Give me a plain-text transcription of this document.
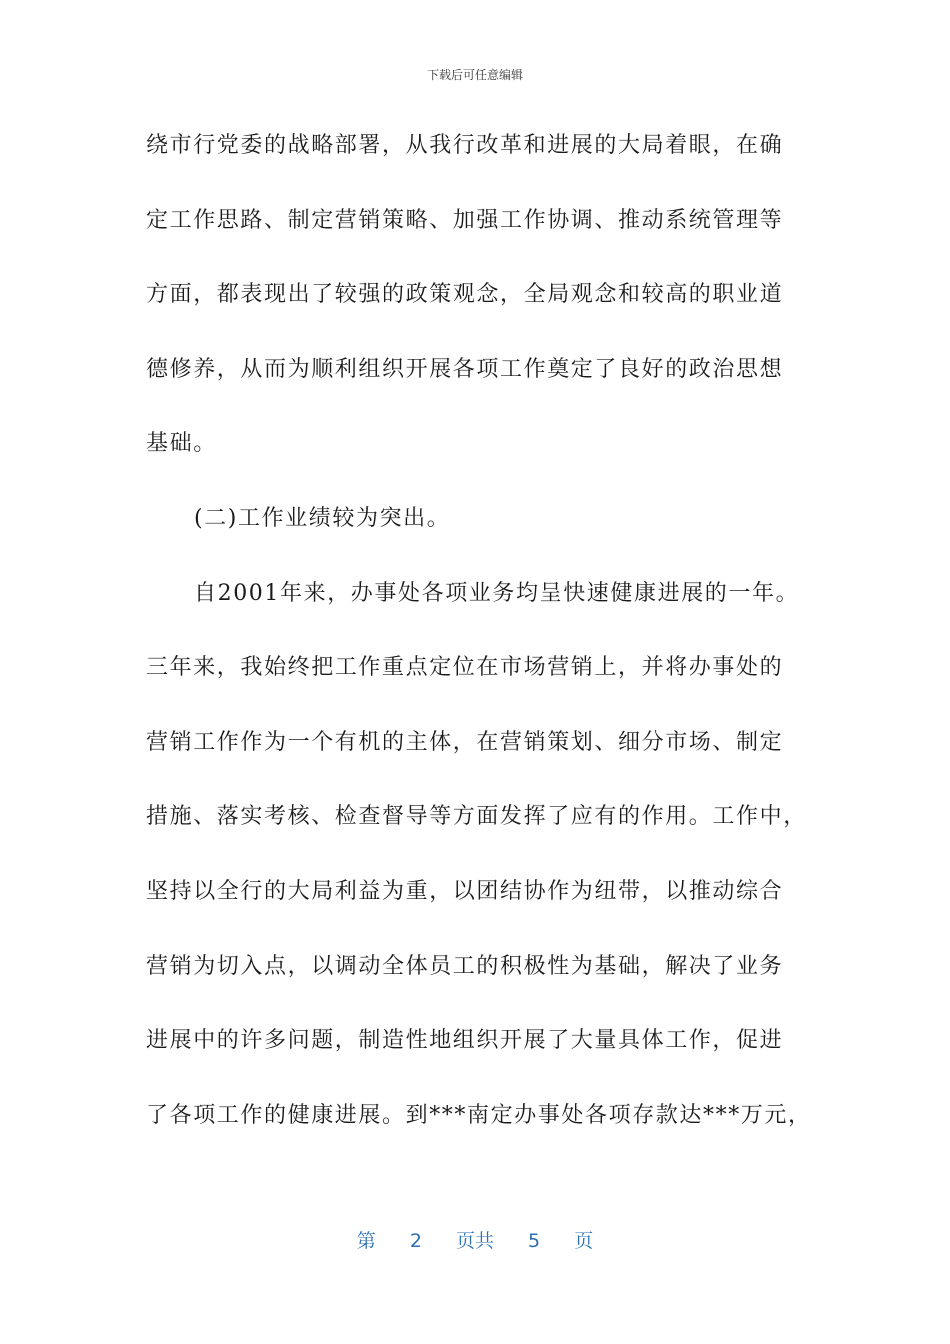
下载后可任意编辑
绕市行党委的战略部署，从我行改革和进展的大局着眼，在确
定工作思路、制定营销策略、加强工作协调、推动系统管理等
方面，都表现出了较强的政策观念，全局观念和较高的职业道
德修养，从而为顺利组织开展各项工作奠定了良好的政治思想
基础。
(二)工作业绩较为突出。
自2001年来，办事处各项业务均呈快速健康进展的一年。
三年来，我始终把工作重点定位在市场营销上，并将办事处的
营销工作作为一个有机的主体，在营销策划、细分市场、制定
措施、落实考核、检查督导等方面发挥了应有的作用。工作中，
坚持以全行的大局利益为重，以团结协作为纽带，以推动综合
营销为切入点，以调动全体员工的积极性为基础，解决了业务
进展中的许多问题，制造性地组织开展了大量具体工作，促进
了各项工作的健康进展。到***南定办事处各项存款达***万元，
第 2 页共 5 页
